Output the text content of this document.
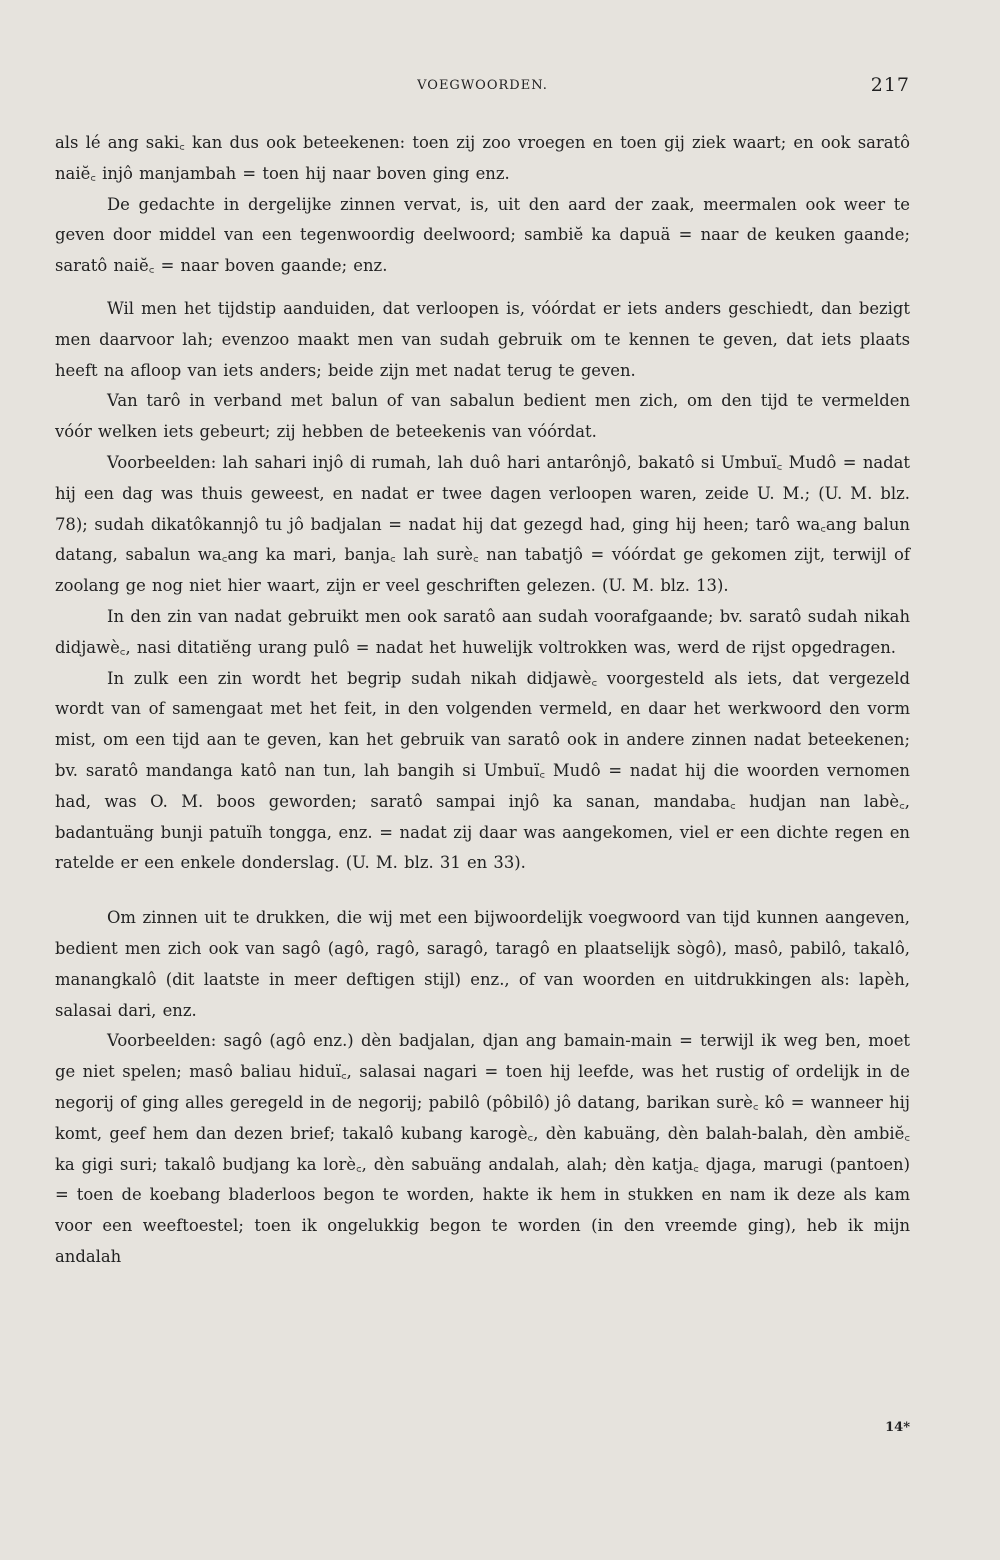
VOEGWOORDEN.	217

als lé ang saki꜀ kan dus ook beteekenen: toen zij zoo vroegen en toen gij ziek waart; en ook saratô naiĕ꜀ injô manjambah = toen hij naar boven ging enz.

De gedachte in dergelijke zinnen vervat, is, uit den aard der zaak, meermalen ook weer te geven door middel van een tegenwoordig deelwoord; sambiĕ ka dapuä = naar de keuken gaande; saratô naiĕ꜀ = naar boven gaande; enz.

Wil men het tijdstip aanduiden, dat verloopen is, vóórdat er iets anders geschiedt, dan bezigt men daarvoor lah; evenzoo maakt men van sudah gebruik om te kennen te geven, dat iets plaats heeft na afloop van iets anders; beide zijn met nadat terug te geven.

Van tarô in verband met balun of van sabalun bedient men zich, om den tijd te vermelden vóór welken iets gebeurt; zij hebben de beteekenis van vóórdat.

Voorbeelden: lah sahari injô di rumah, lah duô hari antarônjô, bakatô si Umbuï꜀ Mudô = nadat hij een dag was thuis geweest, en nadat er twee dagen verloopen waren, zeide U. M.; (U. M. blz. 78); sudah dikatôkannjô tu jô badjalan = nadat hij dat gezegd had, ging hij heen; tarô wa꜀ang balun datang, sabalun wa꜀ang ka mari, banja꜀ lah surè꜀ nan tabatjô = vóórdat ge gekomen zijt, terwijl of zoolang ge nog niet hier waart, zijn er veel geschriften gelezen. (U. M. blz. 13).

In den zin van nadat gebruikt men ook saratô aan sudah voorafgaande; bv. saratô sudah nikah didjawè꜀, nasi ditatiĕng urang pulô = nadat het huwelijk voltrokken was, werd de rijst opgedragen.

In zulk een zin wordt het begrip sudah nikah didjawè꜀ voorgesteld als iets, dat vergezeld wordt van of samengaat met het feit, in den volgenden vermeld, en daar het werkwoord den vorm mist, om een tijd aan te geven, kan het gebruik van saratô ook in andere zinnen nadat beteekenen; bv. saratô mandanga katô nan tun, lah bangih si Umbuï꜀ Mudô = nadat hij die woorden vernomen had, was O. M. boos geworden; saratô sampai injô ka sanan, mandaba꜀ hudjan nan labè꜀, badantuäng bunji patuïh tongga, enz. = nadat zij daar was aangekomen, viel er een dichte regen en ratelde er een enkele donderslag. (U. M. blz. 31 en 33).

Om zinnen uit te drukken, die wij met een bijwoordelijk voegwoord van tijd kunnen aangeven, bedient men zich ook van sagô (agô, ragô, saragô, taragô en plaatselijk sògô), masô, pabilô, takalô, manangkalô (dit laatste in meer deftigen stijl) enz., of van woorden en uitdrukkingen als: lapèh, salasai dari, enz.

Voorbeelden: sagô (agô enz.) dèn badjalan, djan ang bamain-main = terwijl ik weg ben, moet ge niet spelen; masô baliau hiduï꜀, salasai nagari = toen hij leefde, was het rustig of ordelijk in de negorij of ging alles geregeld in de negorij; pabilô (pôbilô) jô datang, barikan surè꜀ kô = wanneer hij komt, geef hem dan dezen brief; takalô kubang karogè꜀, dèn kabuäng, dèn balah-balah, dèn ambiĕ꜀ ka gigi suri; takalô budjang ka lorè꜀, dèn sabuäng andalah, alah; dèn katja꜀ djaga, marugi (pantoen) = toen de koebang bladerloos begon te worden, hakte ik hem in stukken en nam ik deze als kam voor een weeftoestel; toen ik ongelukkig begon te worden (in den vreemde ging), heb ik mijn andalah

14*
